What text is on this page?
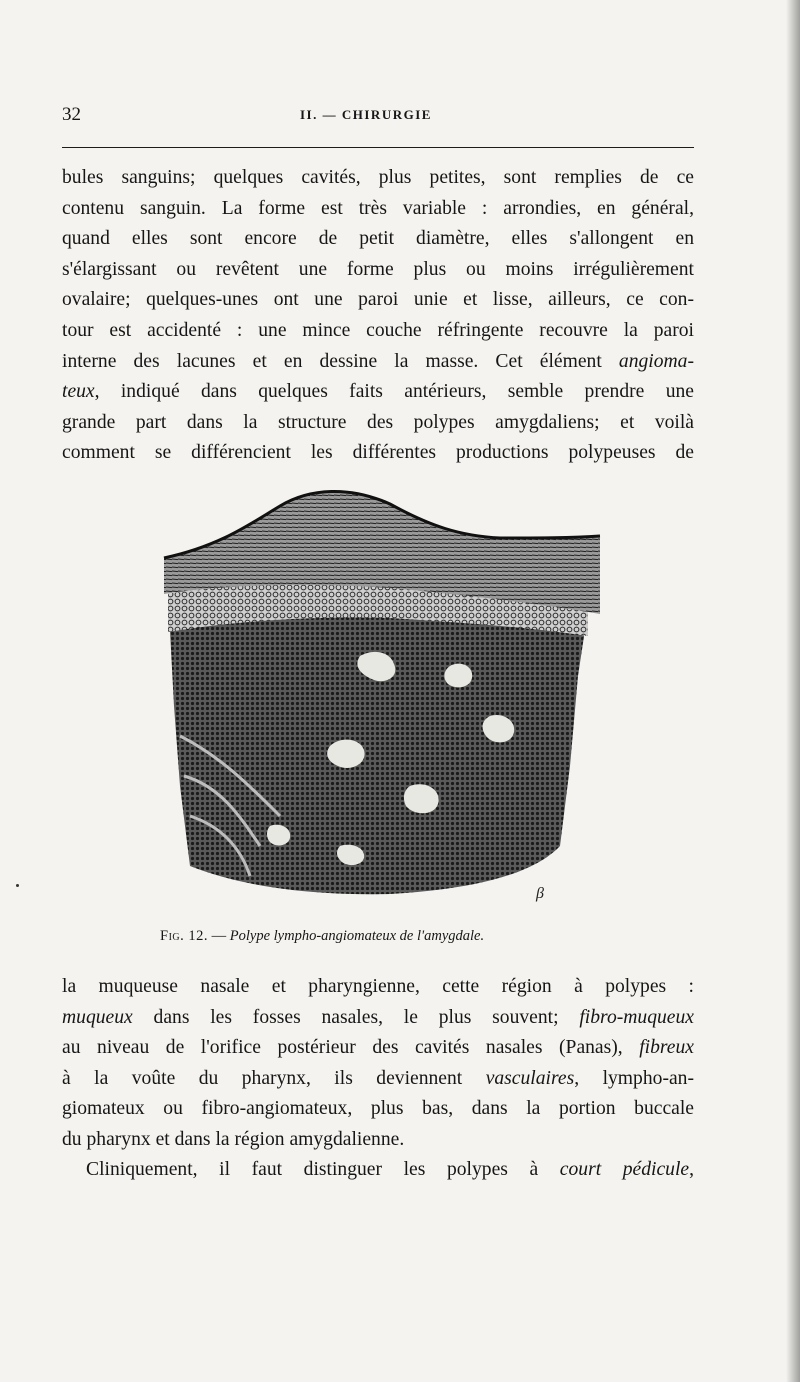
32	II. — CHIRURGIE
bules sanguins; quelques cavités, plus petites, sont remplies de ce
contenu sanguin. La forme est très variable : arrondies, en général,
quand elles sont encore de petit diamètre, elles s'allongent en
s'élargissant ou revêtent une forme plus ou moins irrégulièrement
ovalaire; quelques-unes ont une paroi unie et lisse, ailleurs, ce con-
tour est accidenté : une mince couche réfringente recouvre la paroi
interne des lacunes et en dessine la masse. Cet élément angioma-
teux, indiqué dans quelques faits antérieurs, semble prendre une
grande part dans la structure des polypes amygdaliens; et voilà
comment se différencient les différentes productions polypeuses de
β
Fig. 12. — Polype lympho-angiomateux de l'amygdale.
la muqueuse nasale et pharyngienne, cette région à polypes :
muqueux dans les fosses nasales, le plus souvent; fibro-muqueux
au niveau de l'orifice postérieur des cavités nasales (Panas), fibreux
à la voûte du pharynx, ils deviennent vasculaires, lympho-an-
giomateux ou fibro-angiomateux, plus bas, dans la portion buccale
du pharynx et dans la région amygdalienne.
Cliniquement, il faut distinguer les polypes à court pédicule,
